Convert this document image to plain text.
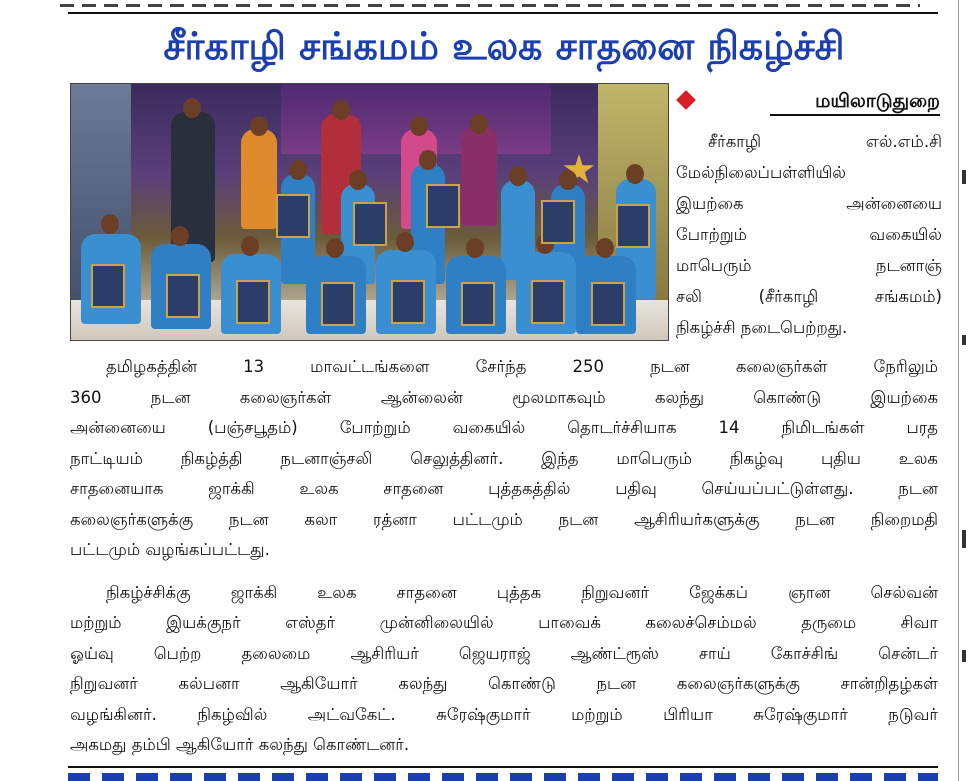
சீர்காழி சங்கமம் உலக சாதனை நிகழ்ச்சி
மயிலாடுதுறை
சீர்காழி எல்.எம்.சி
மேல்நிலைப்பள்ளியில்
இயற்கை அன்னையை
போற்றும் வகையில்
மாபெரும் நடனாஞ்
சலி (சீர்காழி சங்கமம்)
நிகழ்ச்சி நடைபெற்றது.
தமிழகத்தின் 13 மாவட்டங்களை சேர்ந்த 250 நடன கலைஞர்கள் நேரிலும்
360 நடன கலைஞர்கள் ஆன்லைன் மூலமாகவும் கலந்து கொண்டு இயற்கை
அன்னையை (பஞ்சபூதம்) போற்றும் வகையில் தொடர்ச்சியாக 14 நிமிடங்கள் பரத
நாட்டியம் நிகழ்த்தி நடனாஞ்சலி செலுத்தினர். இந்த மாபெரும் நிகழ்வு புதிய உலக
சாதனையாக ஜாக்கி உலக சாதனை புத்தகத்தில் பதிவு செய்யப்பட்டுள்ளது. நடன
கலைஞர்களுக்கு நடன கலா ரத்னா பட்டமும் நடன ஆசிரியர்களுக்கு நடன நிறைமதி
பட்டமும் வழங்கப்பட்டது.
நிகழ்ச்சிக்கு ஜாக்கி உலக சாதனை புத்தக நிறுவனர் ஜேக்கப் ஞான செல்வன்
மற்றும் இயக்குநர் எஸ்தர் முன்னிலையில் பாவைக் கலைச்செம்மல் தருமை சிவா
ஓய்வு பெற்ற தலைமை ஆசிரியர் ஜெயராஜ் ஆண்ட்ரூஸ் சாய் கோச்சிங் சென்டர்
நிறுவனர் கல்பனா ஆகியோர் கலந்து கொண்டு நடன கலைஞர்களுக்கு சான்றிதழ்கள்
வழங்கினர். நிகழ்வில் அட்வகேட். சுரேஷ்குமார் மற்றும் பிரியா சுரேஷ்குமார் நடுவர்
அகமது தம்பி ஆகியோர் கலந்து கொண்டனர்.
